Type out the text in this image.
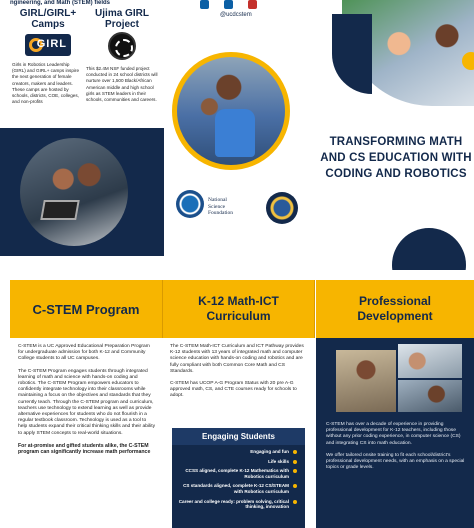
ngineering, and Math (STEM) fields
GIRL/GIRL+
Camps
GIRL
Girls in Robotics Leadership (GIRL) and GIRL+ camps inspire the next generation of female creators, makers and leaders. These camps are hosted by schools, districts, COE, colleges, and non-profits
Ujima GIRL
Project
This $2.4M NSF funded project conducted in 24 school districts will nurture over 1,500 Black/African American middle and high school girls as STEM leaders in their schools, communities and careers.
@ucdcstem
National
Science
Foundation
TRANSFORMING MATH AND CS EDUCATION WITH CODING AND ROBOTICS
C-STEM Program

C-STEM is a UC Approved Educational Preparation Program for undergraduate admission for both K-12 and Community College students to all UC campuses.

The C-STEM Program engages students through integrated learning of math and science with hands-on coding and robotics. The C-STEM Program empowers educators to confidently integrate technology into their classrooms while maintaining a focus on the objectives and standards that they currently teach. Through the C-STEM program and curriculum, teachers use technology to extend learning as well as provide alternative experiences for students who do not flourish in a regular textbook classroom. Technology is used as a tool to help students expand their critical thinking skills and their ability to apply STEM concepts to real-world situations.

For at-promise and gifted students alike, the C-STEM program can significantly increase math performance

K-12 Math-ICT Curriculum

The C-STEM Math-ICT Curriculum and ICT Pathway provides K-12 students with 13 years of integrated math and computer science education with hands-on coding and robotics and are fully compliant with both Common Core Math and CS Standards.

C-STEM has UCOP A-G Program Status with 20 pre A-G approved math, CS, and CTE courses ready for schools to adopt.

Engaging Students
Engaging and fun
Life skills
CCSS aligned, complete K-12 Mathematics with Robotics curriculum
CS standards aligned, complete K-12 CS/STEAM with Robotics curriculum
Career and college ready: problem solving, critical thinking, innovation
Professional Development

C-STEM has over a decade of experience in providing professional development for K-12 teachers, including those without any prior coding experience, in computer science (CS) and integrating CS into math education.

We offer tailored onsite training to fit each school/district's professional development needs, with an emphasis on a special topics or grade levels.
